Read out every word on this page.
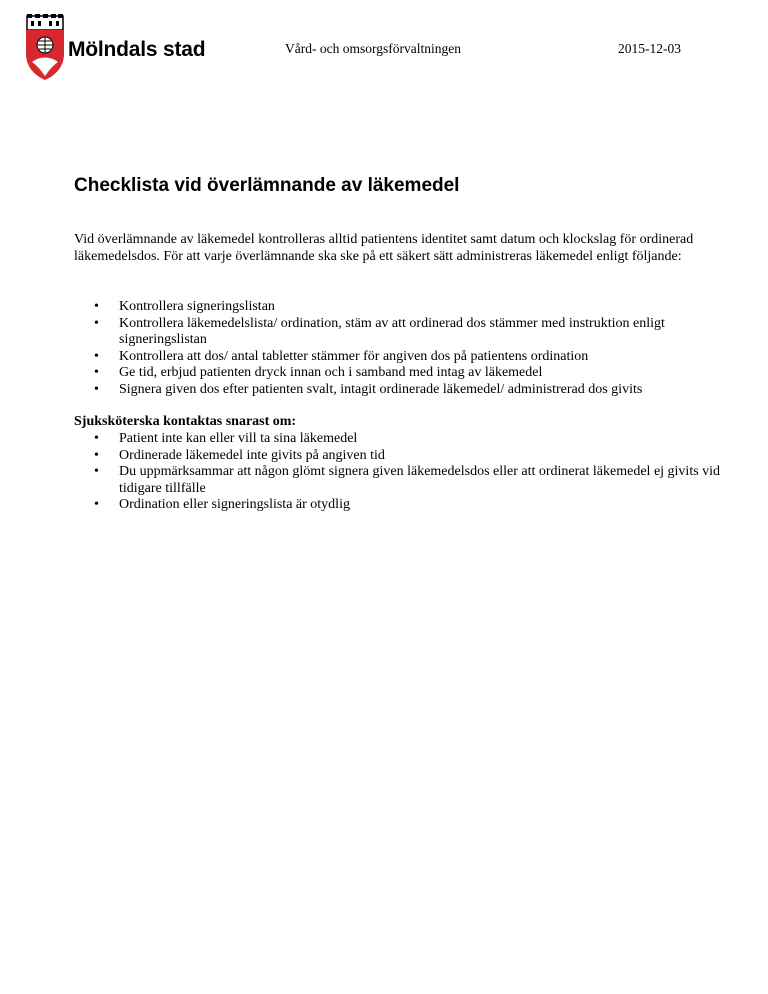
Mölndals stad	Vård- och omsorgsförvaltningen	2015-12-03
Checklista vid överlämnande av läkemedel

Vid överlämnande av läkemedel kontrolleras alltid patientens identitet samt datum och klockslag för ordinerad läkemedelsdos. För att varje överlämnande ska ske på ett säkert sätt administreras läkemedel enligt följande:

• Kontrollera signeringslistan
• Kontrollera läkemedelslista/ ordination, stäm av att ordinerad dos stämmer med instruktion enligt signeringslistan
• Kontrollera att dos/ antal tabletter stämmer för angiven dos på patientens ordination
• Ge tid, erbjud patienten dryck innan och i samband med intag av läkemedel
• Signera given dos efter patienten svalt, intagit ordinerade läkemedel/ administrerad dos givits

Sjuksköterska kontaktas snarast om:

• Patient inte kan eller vill ta sina läkemedel
• Ordinerade läkemedel inte givits på angiven tid
• Du uppmärksammar att någon glömt signera given läkemedelsdos eller att ordinerat läkemedel ej givits vid tidigare tillfälle
• Ordination eller signeringslista är otydlig
